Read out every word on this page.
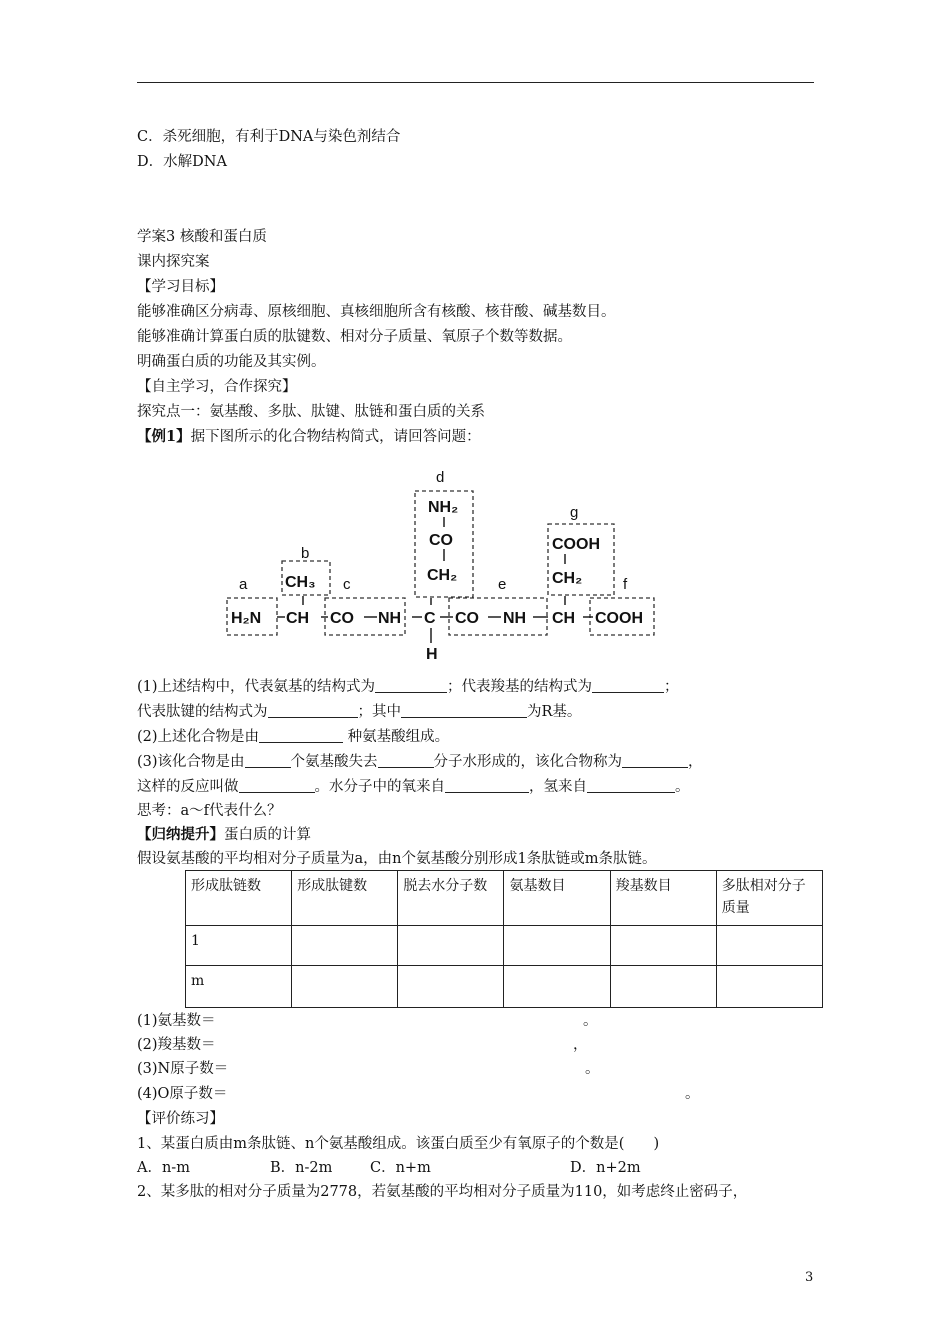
C．杀死细胞，有利于DNA与染色剂结合
D．水解DNA
学案3 核酸和蛋白质
课内探究案
【学习目标】
能够准确区分病毒、原核细胞、真核细胞所含有核酸、核苷酸、碱基数目。
能够准确计算蛋白质的肽键数、相对分子质量、氧原子个数等数据。
明确蛋白质的功能及其实例。
【自主学习，合作探究】
探究点一：氨基酸、多肽、肽键、肽链和蛋白质的关系
【例1】据下图所示的化合物结构简式，请回答问题：
a
b
c
d
e	f
g
H₂N
CH₃
NH₂
CO
CH₂
COOH
CH₂
COOH
CH CO NH C CO NH CH
H
(1)上述结构中，代表氨基的结构式为	；代表羧基的结构式为	；
代表肽键的结构式为	；其中	为R基。
(2)上述化合物是由	种氨基酸组成。
(3)该化合物是由	个氨基酸失去	分子水形成的，该化合物称为	，
这样的反应叫做	。水分子中的氧来自	，氢来自	。
思考：a～f代表什么？
【归纳提升】蛋白质的计算
假设氨基酸的平均相对分子质量为a，由n个氨基酸分别形成1条肽链或m条肽链。
形成肽链数	形成肽键数	脱去水分子数	氨基数目	羧基数目	多肽相对分子质量
1					
m					
(1)氨基数＝	。
(2)羧基数＝	，
(3)N原子数＝	。
(4)O原子数＝	。
【评价练习】
1、某蛋白质由m条肽链、n个氨基酸组成。该蛋白质至少有氧原子的个数是(　　)
A．n-m	B．n-2m	C．n+m	D．n+2m
2、某多肽的相对分子质量为2778，若氨基酸的平均相对分子质量为110，如考虑终止密码子，
3
